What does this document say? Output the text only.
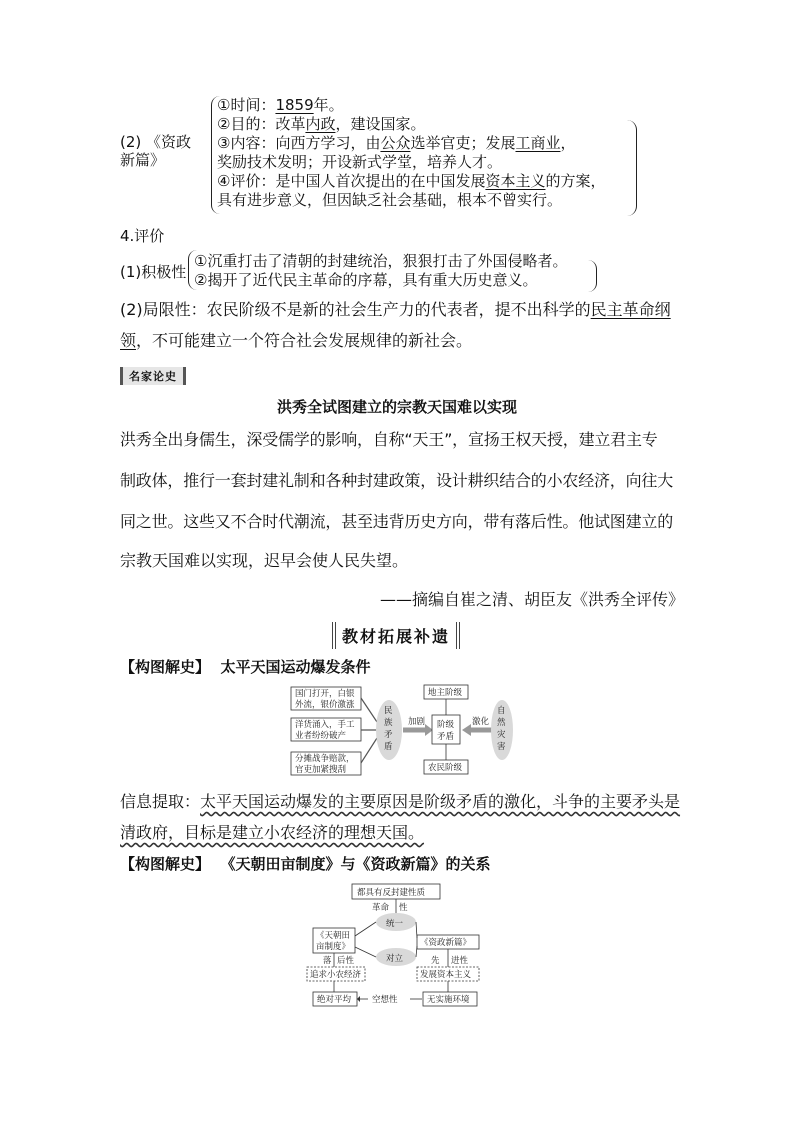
(2) 《资政
新篇》
①时间：1859年。
②目的：改革内政，建设国家。
③内容：向西方学习，由公众选举官吏；发展工商业，
奖励技术发明；开设新式学堂，培养人才。
④评价：是中国人首次提出的在中国发展资本主义的方案，
具有进步意义，但因缺乏社会基础，根本不曾实行。
4.评价
(1)积极性
①沉重打击了清朝的封建统治，狠狠打击了外国侵略者。
②揭开了近代民主革命的序幕，具有重大历史意义。
(2)局限性：农民阶级不是新的社会生产力的代表者，提不出科学的民主革命纲
领，不可能建立一个符合社会发展规律的新社会。
名家论史
洪秀全试图建立的宗教天国难以实现
洪秀全出身儒生，深受儒学的影响，自称“天王”，宣扬王权天授，建立君主专
制政体，推行一套封建礼制和各种封建政策，设计耕织结合的小农经济，向往大
同之世。这些又不合时代潮流，甚至违背历史方向，带有落后性。他试图建立的
宗教天国难以实现，迟早会使人民失望。
——摘编自崔之清、胡臣友《洪秀全评传》
教材拓展补遗
【构图解史】 太平天国运动爆发条件
国门打开，白银
外流，银价激涨
洋货涌入，手工
业者纷纷破产
分摊战争赔款，
官吏加紧搜刮
民
族
矛
盾
加剧
地主阶级
阶级
矛盾
农民阶级
激化
自
然
灾
害
信息提取：太平天国运动爆发的主要原因是阶级矛盾的激化，斗争的主要矛头是
清政府，目标是建立小农经济的理想天国。
【构图解史】 《天朝田亩制度》与《资政新篇》的关系
都具有反封建性质
革命 性
统一
对立
《天朝田
亩制度》	《资政新篇》
落 后性	先 进性
追求小农经济	发展资本主义
绝对平均 空想性	无实施环境
